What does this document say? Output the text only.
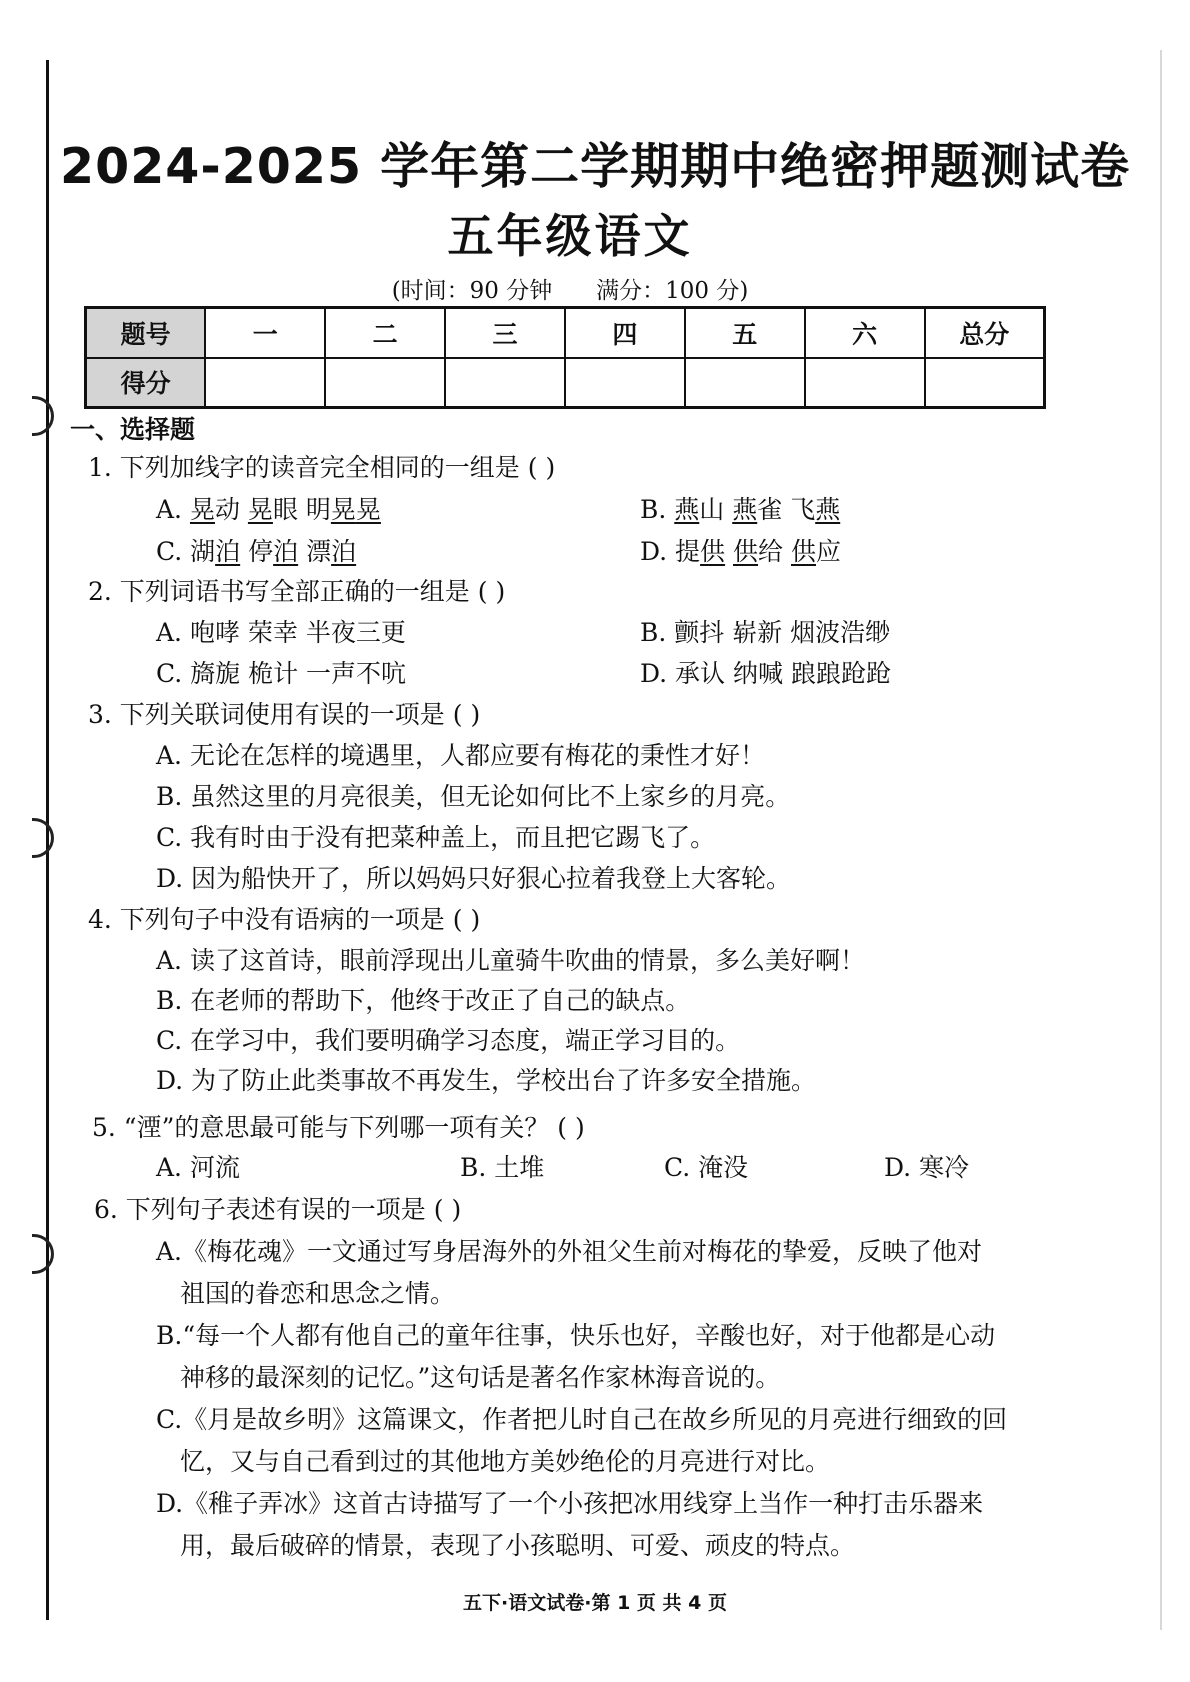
2024-2025 学年第二学期期中绝密押题测试卷
五年级语文
(时间：90 分钟      满分：100 分)
题号	一	二	三	四	五	六	总分
得分							
一、选择题
1. 下列加线字的读音完全相同的一组是 ( )
A. 晃动 晃眼 明晃晃	B. 燕山 燕雀 飞燕
C. 湖泊 停泊 漂泊	D. 提供 供给 供应
2. 下列词语书写全部正确的一组是 ( )
A. 咆哮 荣幸 半夜三更	B. 颤抖 崭新 烟波浩缈
C. 旖旎 桅计 一声不吭	D. 承认 纳喊 踉踉跄跄
3. 下列关联词使用有误的一项是 ( )
A. 无论在怎样的境遇里，人都应要有梅花的秉性才好！
B. 虽然这里的月亮很美，但无论如何比不上家乡的月亮。
C. 我有时由于没有把菜种盖上，而且把它踢飞了。
D. 因为船快开了，所以妈妈只好狠心拉着我登上大客轮。
4. 下列句子中没有语病的一项是 ( )
A. 读了这首诗，眼前浮现出儿童骑牛吹曲的情景，多么美好啊！
B. 在老师的帮助下，他终于改正了自己的缺点。
C. 在学习中，我们要明确学习态度，端正学习目的。
D. 为了防止此类事故不再发生，学校出台了许多安全措施。
5. “湮”的意思最可能与下列哪一项有关？ ( )
A. 河流	B. 土堆	C. 淹没	D. 寒冷
6. 下列句子表述有误的一项是 ( )
A.《梅花魂》一文通过写身居海外的外祖父生前对梅花的挚爱，反映了他对
祖国的眷恋和思念之情。
B.“每一个人都有他自己的童年往事，快乐也好，辛酸也好，对于他都是心动
神移的最深刻的记忆。”这句话是著名作家林海音说的。
C.《月是故乡明》这篇课文，作者把儿时自己在故乡所见的月亮进行细致的回
忆，又与自己看到过的其他地方美妙绝伦的月亮进行对比。
D.《稚子弄冰》这首古诗描写了一个小孩把冰用线穿上当作一种打击乐器来
用，最后破碎的情景，表现了小孩聪明、可爱、顽皮的特点。
五下·语文试卷·第 1 页 共 4 页
